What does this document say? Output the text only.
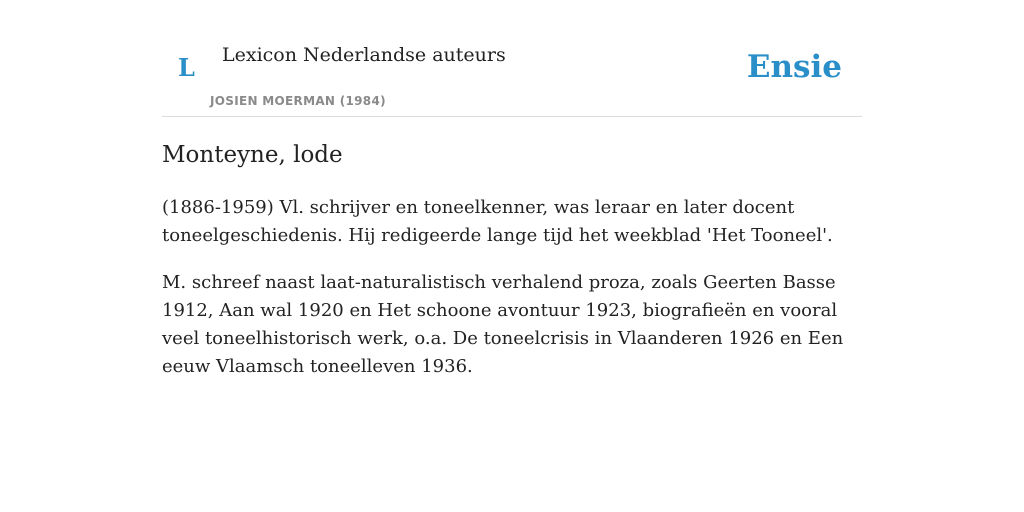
L Lexicon Nederlandse auteurs
JOSIEN MOERMAN (1984)
Ensie
Monteyne, lode

(1886-1959) Vl. schrijver en toneelkenner, was leraar en later docent toneelgeschiedenis. Hij redigeerde lange tijd het weekblad 'Het Tooneel'.

M. schreef naast laat-naturalistisch verhalend proza, zoals Geerten Basse 1912, Aan wal 1920 en Het schoone avontuur 1923, biografieën en vooral veel toneelhistorisch werk, o.a. De toneelcrisis in Vlaanderen 1926 en Een eeuw Vlaamsch toneelleven 1936.
